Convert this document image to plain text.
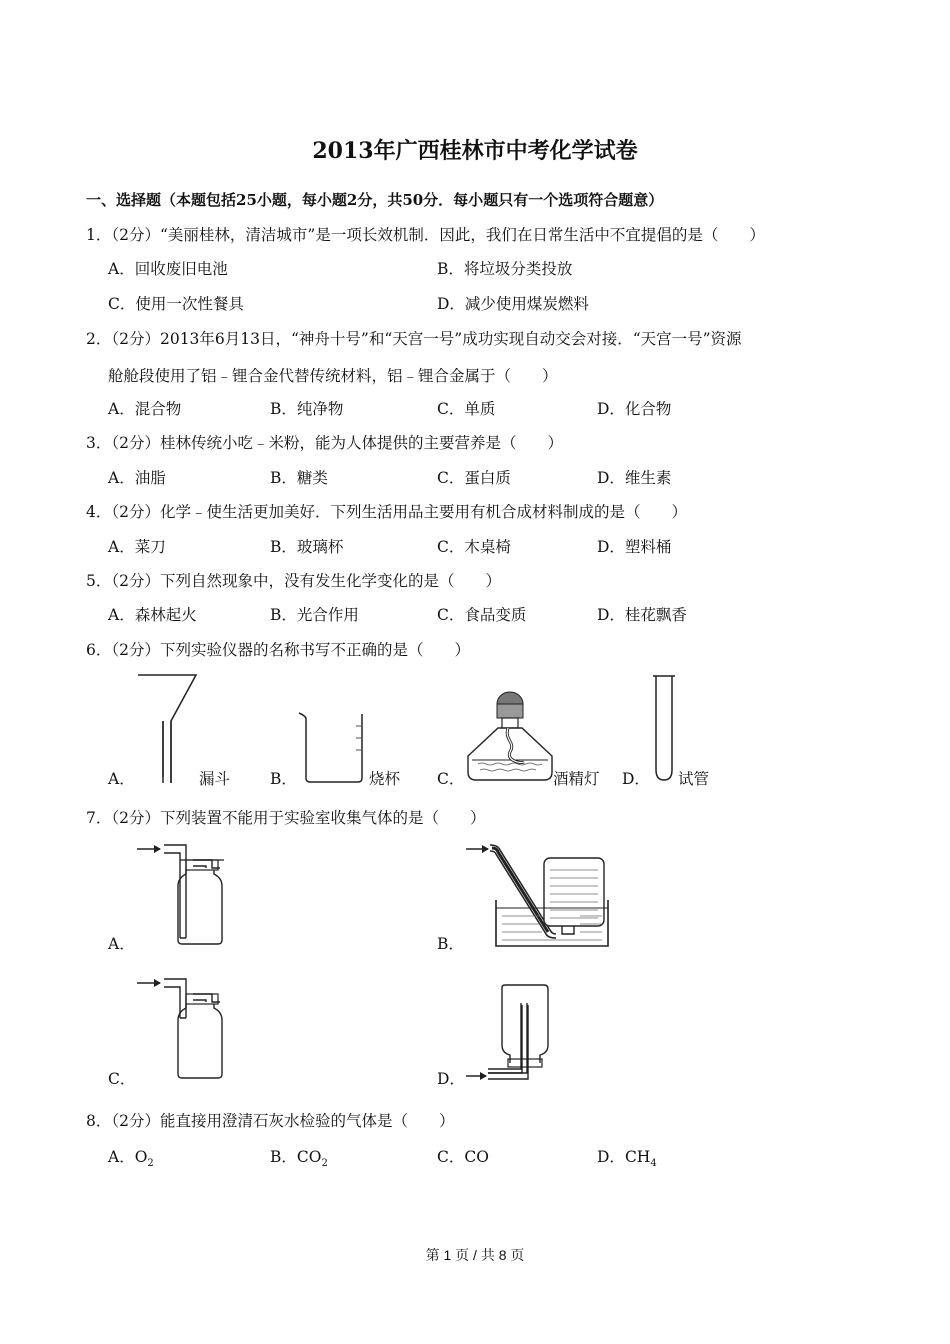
2013年广西桂林市中考化学试卷
一、选择题（本题包括25小题，每小题2分，共50分．每小题只有一个选项符合题意）
1．（2分）“美丽桂林，清洁城市”是一项长效机制．因此，我们在日常生活中不宜提倡的是（　　）
A．回收废旧电池	B．将垃圾分类投放
C．使用一次性餐具	D．减少使用煤炭燃料
2．（2分）2013年6月13日，“神舟十号”和“天宫一号”成功实现自动交会对接．“天宫一号”资源
舱舱段使用了铝﹣锂合金代替传统材料，铝﹣锂合金属于（　　）
A．混合物	B．纯净物	C．单质	D．化合物
3．（2分）桂林传统小吃﹣米粉，能为人体提供的主要营养是（　　）
A．油脂	B．糖类	C．蛋白质	D．维生素
4．（2分）化学﹣使生活更加美好．下列生活用品主要用有机合成材料制成的是（　　）
A．菜刀	B．玻璃杯	C．木桌椅	D．塑料桶
5．（2分）下列自然现象中，没有发生化学变化的是（　　）
A．森林起火	B．光合作用	C．食品变质	D．桂花飘香
6．（2分）下列实验仪器的名称书写不正确的是（　　）
A．	漏斗	B．	烧杯 C．	酒精灯 D． 试管
7．（2分）下列装置不能用于实验室收集气体的是（　　）
A．	B．
C．	D．
8．（2分）能直接用澄清石灰水检验的气体是（　　）
A．$O_2$	B．$CO_2$	C．CO	D．$CH_4$
第 1 页 / 共 8 页
